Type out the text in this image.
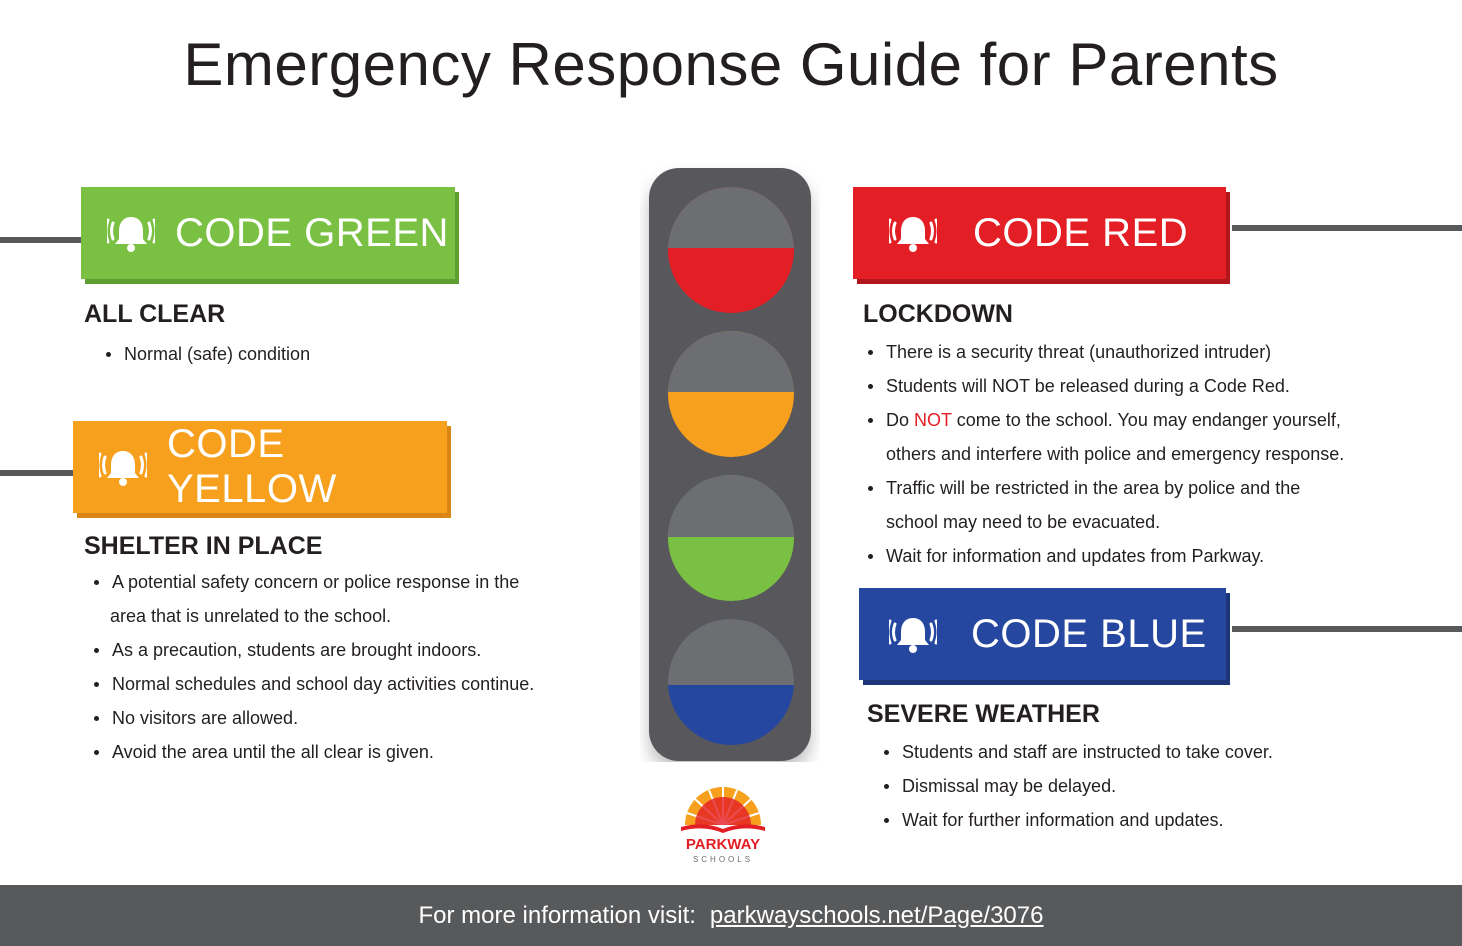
Emergency Response Guide for Parents
CODE GREEN
ALL CLEAR
Normal (safe) condition
CODE YELLOW
SHELTER IN PLACE
A potential safety concern or police response in the
area that is unrelated to the school.
As a precaution, students are brought indoors.
Normal schedules and school day activities continue.
No visitors are allowed.
Avoid the area until the all clear is given.
PARKWAY
SCHOOLS
CODE RED
LOCKDOWN
There is a security threat (unauthorized intruder)
Students will NOT be released during a Code Red.
Do NOT come to the school. You may endanger yourself,
others and interfere with police and emergency response.
Traffic will be restricted in the area by police and the
school may need to be evacuated.
Wait for information and updates from Parkway.
CODE BLUE
SEVERE WEATHER
Students and staff are instructed to take cover.
Dismissal may be delayed.
Wait for further information and updates.
For more information visit: parkwayschools.net/Page/3076
